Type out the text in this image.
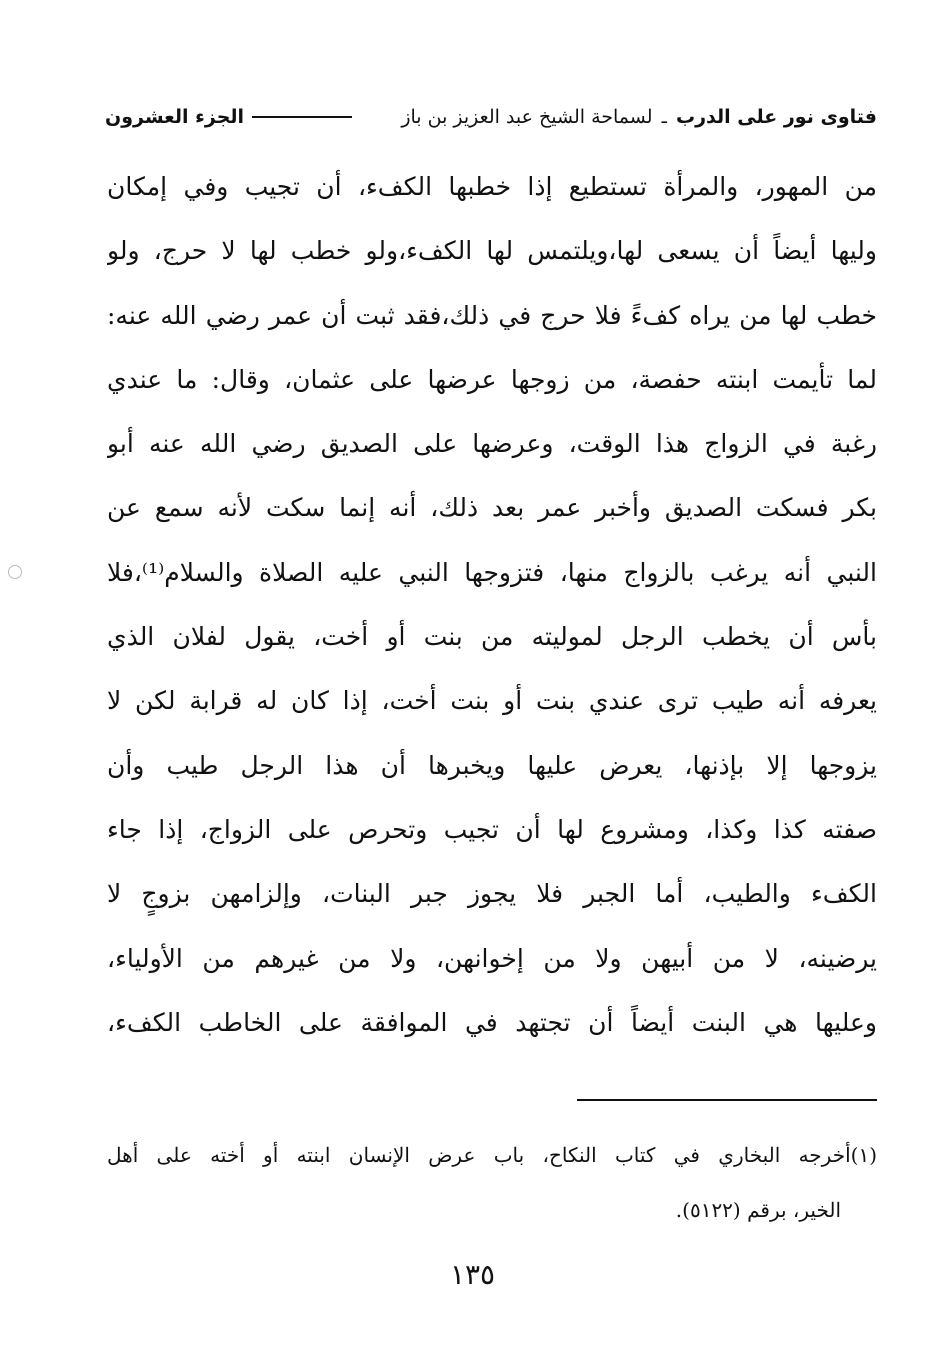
فتاوى نور على الدرب ـ لسماحة الشيخ عبد العزيز بن باز
الجزء العشرون
من المهور، والمرأة تستطيع إذا خطبها الكفء، أن تجيب وفي إمكان
وليها أيضاً أن يسعى لها،ويلتمس لها الكفء،ولو خطب لها لا حرج، ولو
خطب لها من يراه كفءً فلا حرج في ذلك،فقد ثبت أن عمر رضي الله عنه:
لما تأيمت ابنته حفصة، من زوجها عرضها على عثمان، وقال: ما عندي
رغبة في الزواج هذا الوقت، وعرضها على الصديق رضي الله عنه أبو
بكر فسكت الصديق وأخبر عمر بعد ذلك، أنه إنما سكت لأنه سمع عن
النبي أنه يرغب بالزواج منها، فتزوجها النبي عليه الصلاة والسلام⁽¹⁾،فلا
بأس أن يخطب الرجل لموليته من بنت أو أخت، يقول لفلان الذي
يعرفه أنه طيب ترى عندي بنت أو بنت أخت، إذا كان له قرابة لكن لا
يزوجها إلا بإذنها، يعرض عليها ويخبرها أن هذا الرجل طيب وأن
صفته كذا وكذا، ومشروع لها أن تجيب وتحرص على الزواج، إذا جاء
الكفء والطيب، أما الجبر فلا يجوز جبر البنات، وإلزامهن بزوجٍ لا
يرضينه، لا من أبيهن ولا من إخوانهن، ولا من غيرهم من الأولياء،
وعليها هي البنت أيضاً أن تجتهد في الموافقة على الخاطب الكفء،
(١)أخرجه البخاري في كتاب النكاح، باب عرض الإنسان ابنته أو أخته على أهل
الخير، برقم (٥١٢٢).
١٣٥
